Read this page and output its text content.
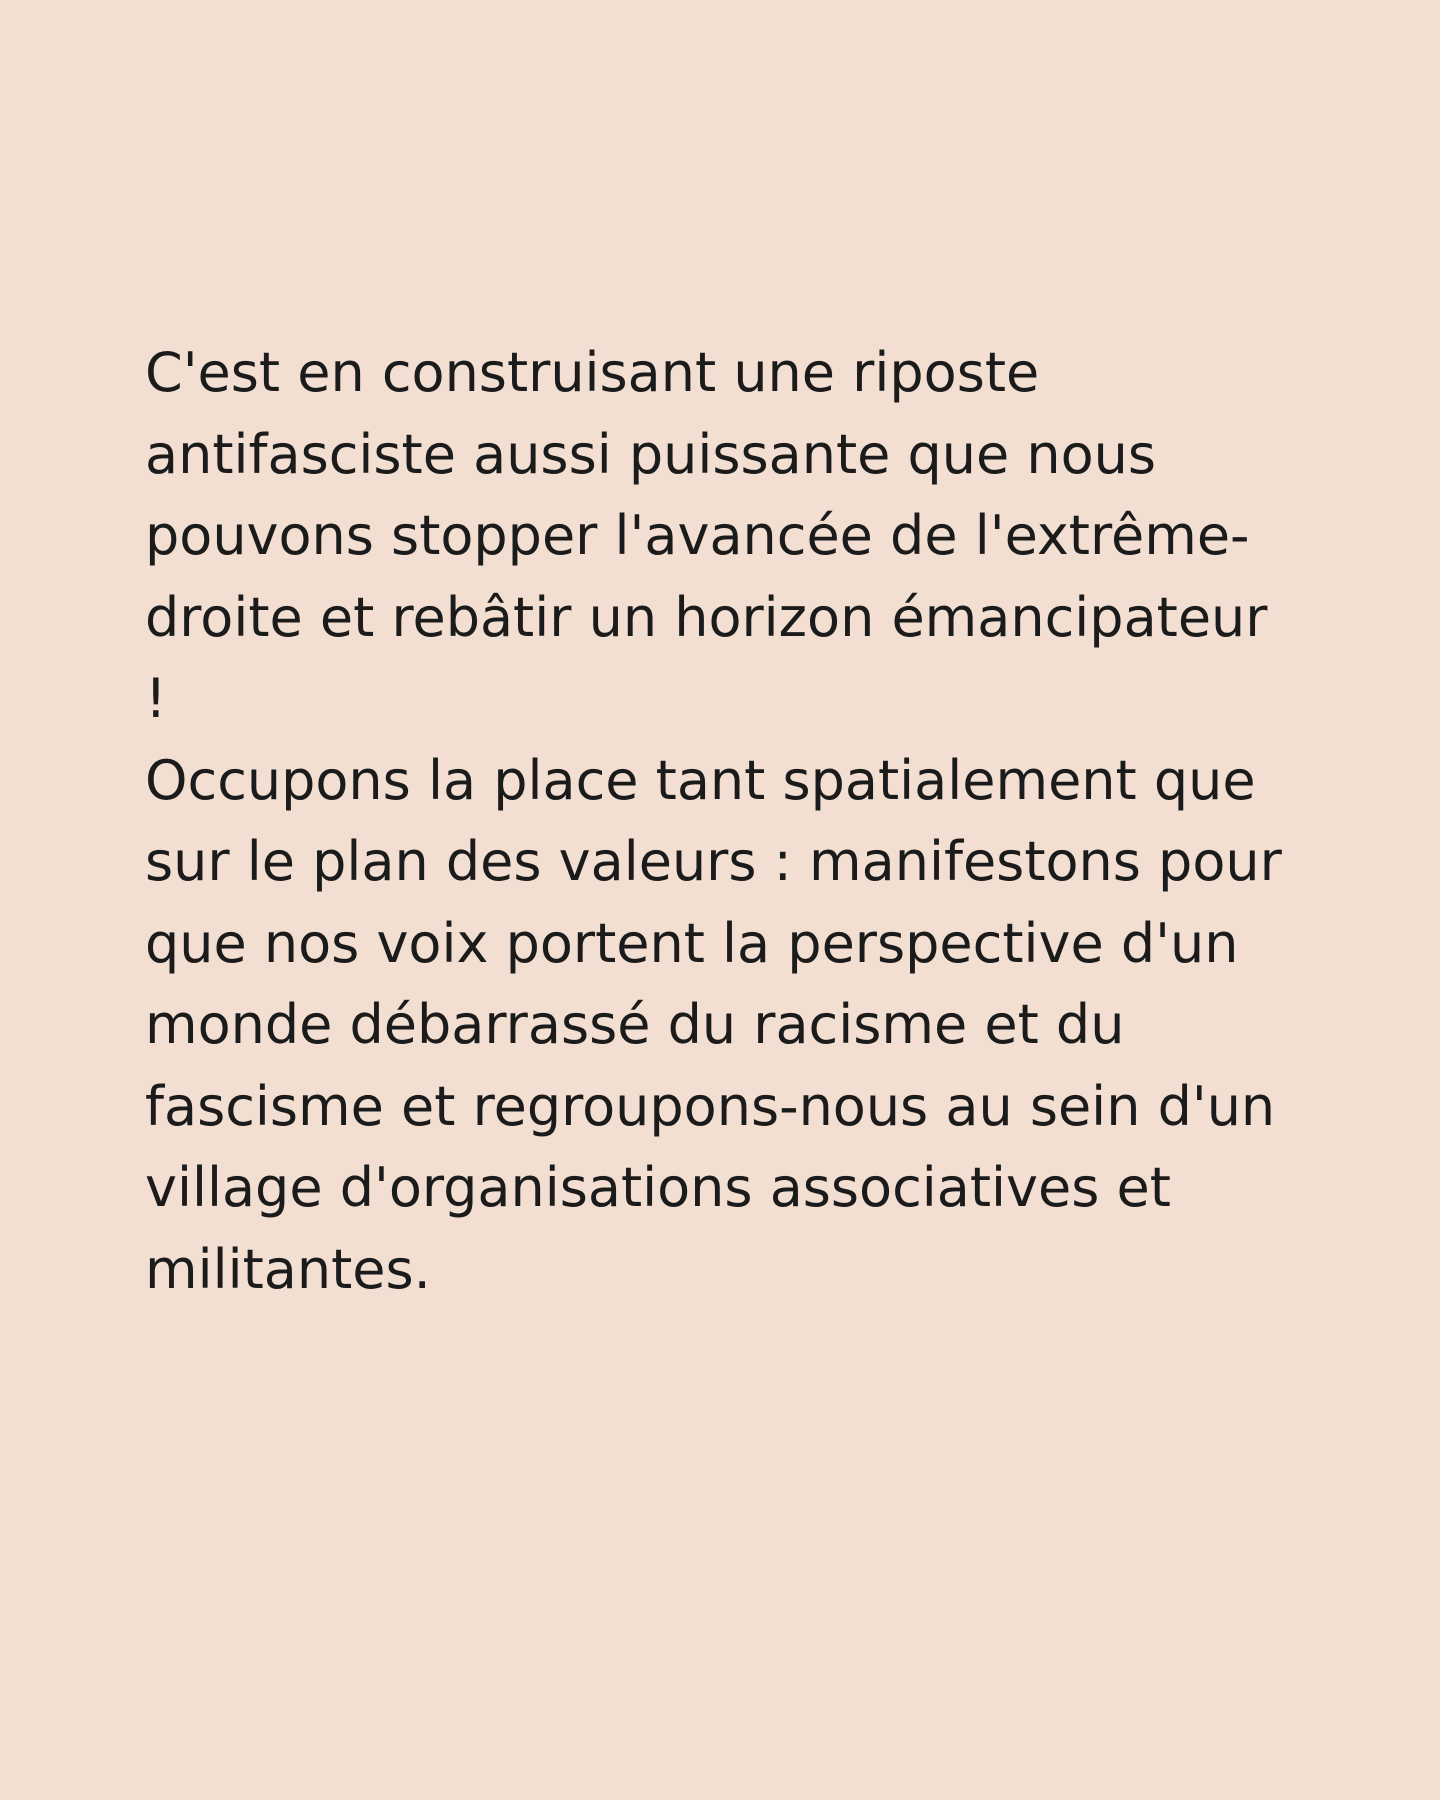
C'est en construisant une riposte
antifasciste aussi puissante que nous
pouvons stopper l'avancée de l'extrême-
droite et rebâtir un horizon émancipateur
!
Occupons la place tant spatialement que
sur le plan des valeurs : manifestons pour
que nos voix portent la perspective d'un
monde débarrassé du racisme et du
fascisme et regroupons-nous au sein d'un
village d'organisations associatives et
militantes.
